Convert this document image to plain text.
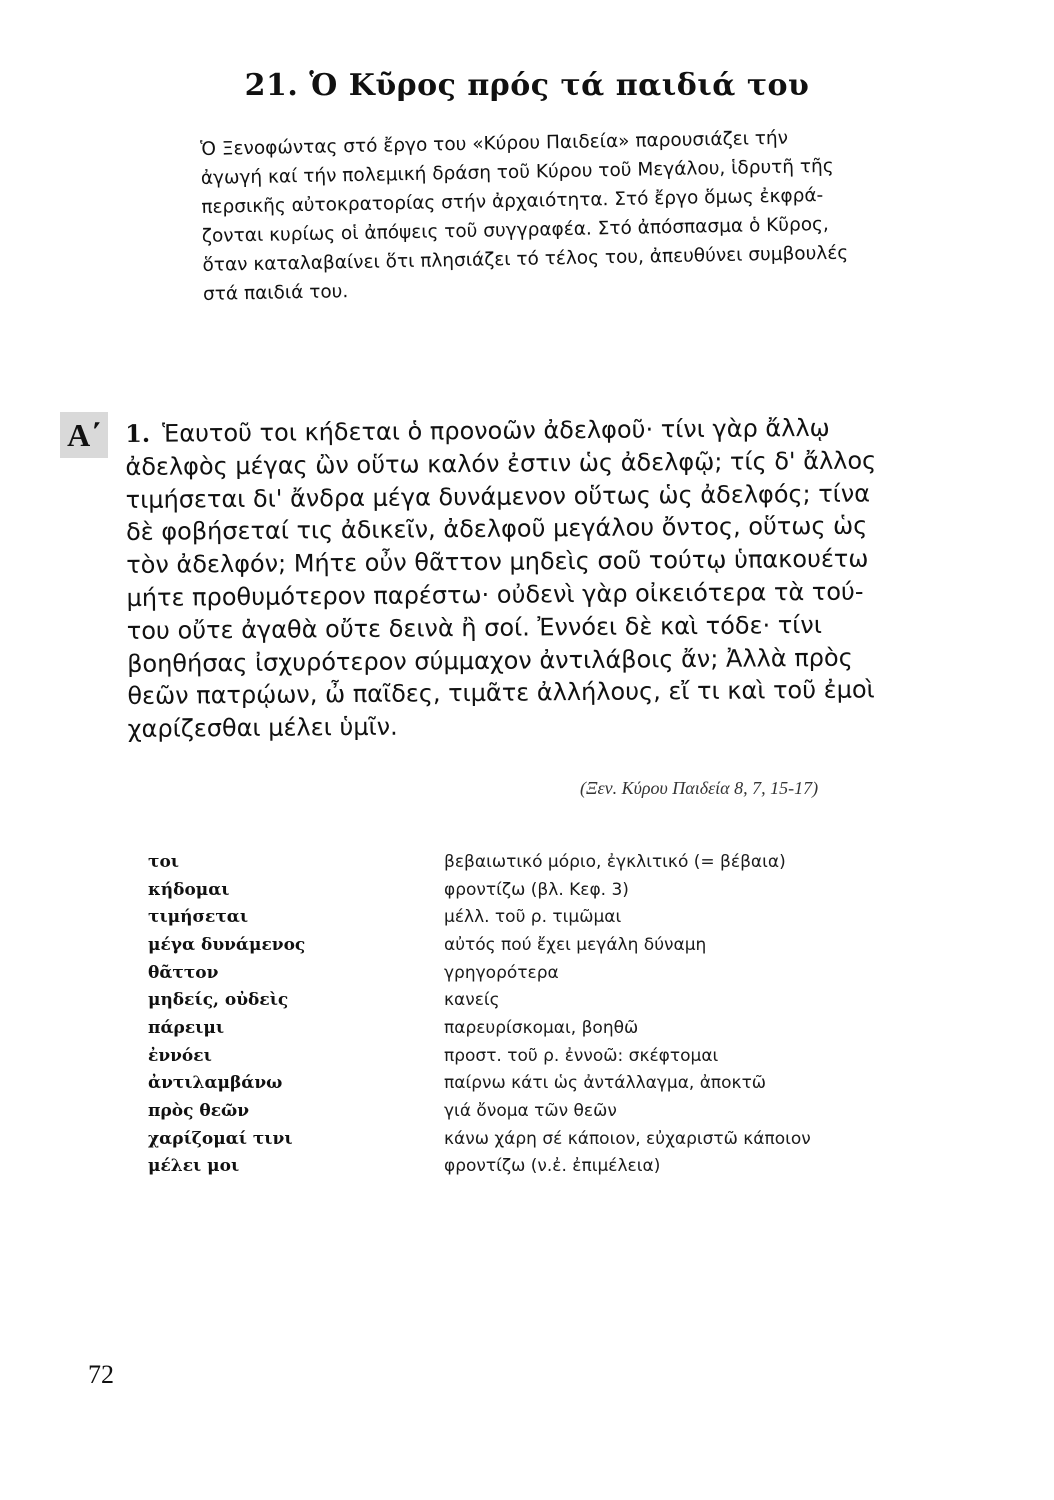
21. Ὁ Κῦρος πρός τά παιδιά του
Ὁ Ξενοφώντας στό ἔργο του «Κύρου Παιδεία» παρουσιάζει τήν
ἀγωγή καί τήν πολεμική δράση τοῦ Κύρου τοῦ Μεγάλου, ἱδρυτῆ τῆς
περσικῆς αὐτοκρατορίας στήν ἀρχαιότητα. Στό ἔργο ὅμως ἐκφρά-
ζονται κυρίως οἱ ἀπόψεις τοῦ συγγραφέα. Στό ἀπόσπασμα ὁ Κῦρος,
ὅταν καταλαβαίνει ὅτι πλησιάζει τό τέλος του, ἀπευθύνει συμβουλές
στά παιδιά του.
Α΄ 1. Ἑαυτοῦ τοι κήδεται ὁ προνοῶν ἀδελφοῦ· τίνι γὰρ ἄλλῳ
ἀδελφὸς μέγας ὢν οὕτω καλόν ἐστιν ὡς ἀδελφῷ; τίς δ' ἄλλος
τιμήσεται δι' ἄνδρα μέγα δυνάμενον οὕτως ὡς ἀδελφός; τίνα
δὲ φοβήσεταί τις ἀδικεῖν, ἀδελφοῦ μεγάλου ὄντος, οὕτως ὡς
τὸν ἀδελφόν; Μήτε οὖν θᾶττον μηδεὶς σοῦ τούτῳ ὑπακουέτω
μήτε προθυμότερον παρέστω· οὐδενὶ γὰρ οἰκειότερα τὰ τού-
του οὔτε ἀγαθὰ οὔτε δεινὰ ἢ σοί. Ἐννόει δὲ καὶ τόδε· τίνι
βοηθήσας ἰσχυρότερον σύμμαχον ἀντιλάβοις ἄν; Ἀλλὰ πρὸς
θεῶν πατρῴων, ὦ παῖδες, τιμᾶτε ἀλλήλους, εἴ τι καὶ τοῦ ἐμοὶ
χαρίζεσθαι μέλει ὑμῖν.
(Ξεν. Κύρου Παιδεία 8, 7, 15-17)
τοι	βεβαιωτικό μόριο, ἐγκλιτικό (= βέβαια)
κήδομαι	φροντίζω (βλ. Κεφ. 3)
τιμήσεται	μέλλ. τοῦ ρ. τιμῶμαι
μέγα δυνάμενος	αὐτός πού ἔχει μεγάλη δύναμη
θᾶττον	γρηγορότερα
μηδείς, οὐδεὶς	κανείς
πάρειμι	παρευρίσκομαι, βοηθῶ
ἐννόει	προστ. τοῦ ρ. ἐννοῶ: σκέφτομαι
ἀντιλαμβάνω	παίρνω κάτι ὡς ἀντάλλαγμα, ἀποκτῶ
πρὸς θεῶν	γιά ὄνομα τῶν θεῶν
χαρίζομαί τινι	κάνω χάρη σέ κάποιον, εὐχαριστῶ κάποιον
μέλει μοι	φροντίζω (ν.ἐ. ἐπιμέλεια)
72
